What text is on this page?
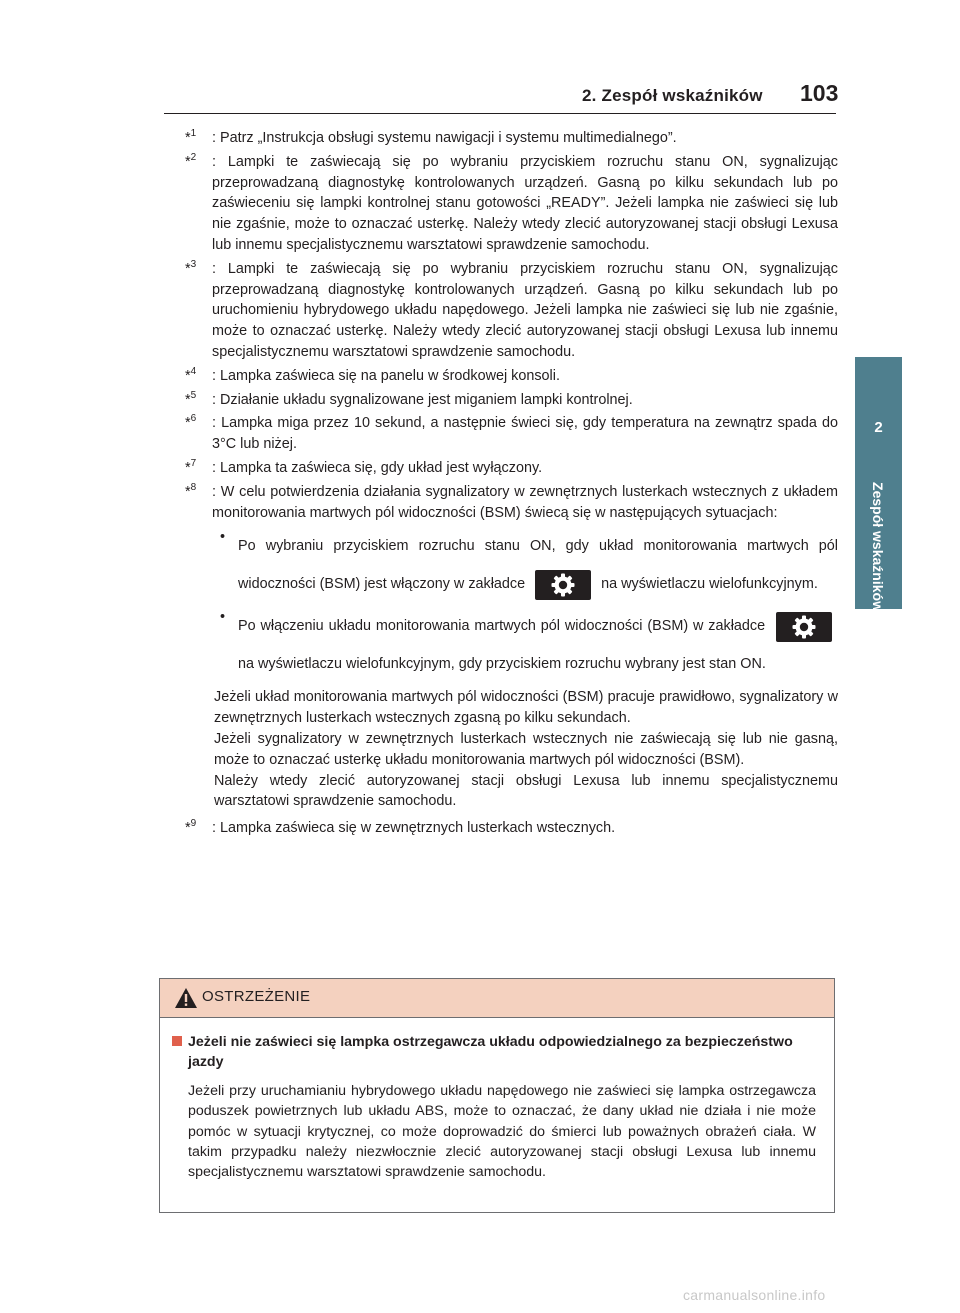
2. Zespół wskaźników 103
2
Zespół wskaźników
*$^1$	: Patrz „Instrukcja obsługi systemu nawigacji i systemu multimedialnego”.
*$^2$	: Lampki te zaświecają się po wybraniu przyciskiem rozruchu stanu ON, sygnalizując przeprowadzaną diagnostykę kontrolowanych urządzeń. Gasną po kilku sekundach lub po zaświeceniu się lampki kontrolnej stanu gotowości „READY”. Jeżeli lampka nie zaświeci się lub nie zgaśnie, może to oznaczać usterkę. Należy wtedy zlecić autoryzowanej stacji obsługi Lexusa lub innemu specjalistycznemu warsztatowi sprawdzenie samochodu.
*$^3$	: Lampki te zaświecają się po wybraniu przyciskiem rozruchu stanu ON, sygnalizując przeprowadzaną diagnostykę kontrolowanych urządzeń. Gasną po kilku sekundach lub po uruchomieniu hybrydowego układu napędowego. Jeżeli lampka nie zaświeci się lub nie zgaśnie, może to oznaczać usterkę. Należy wtedy zlecić autoryzowanej stacji obsługi Lexusa lub innemu specjalistycznemu warsztatowi sprawdzenie samochodu.
*$^4$	: Lampka zaświeca się na panelu w środkowej konsoli.
*$^5$	: Działanie układu sygnalizowane jest miganiem lampki kontrolnej.
*$^6$	: Lampka miga przez 10 sekund, a następnie świeci się, gdy temperatura na zewnątrz spada do 3°C lub niżej.
*$^7$	: Lampka ta zaświeca się, gdy układ jest wyłączony.
*$^8$	: W celu potwierdzenia działania sygnalizatory w zewnętrznych lusterkach wstecznych z układem monitorowania martwych pól widoczności (BSM) świecą się w następujących sytuacjach:
•
Po wybraniu przyciskiem rozruchu stanu ON, gdy układ monitorowania martwych pól widoczności (BSM) jest włączony w zakładce	na wyświetlaczu wielofunkcyjnym.
•
Po włączeniu układu monitorowania martwych pól widoczności (BSM) w zakładce
na wyświetlaczu wielofunkcyjnym, gdy przyciskiem rozruchu wybrany jest stan ON.
Jeżeli układ monitorowania martwych pól widoczności (BSM) pracuje prawidłowo, sygnalizatory w zewnętrznych lusterkach wstecznych zgasną po kilku sekundach.
Jeżeli sygnalizatory w zewnętrznych lusterkach wstecznych nie zaświecają się lub nie gasną, może to oznaczać usterkę układu monitorowania martwych pól widoczności (BSM).
Należy wtedy zlecić autoryzowanej stacji obsługi Lexusa lub innemu specjalistycznemu warsztatowi sprawdzenie samochodu.
*$^9$	: Lampka zaświeca się w zewnętrznych lusterkach wstecznych.
OSTRZEŻENIE
Jeżeli nie zaświeci się lampka ostrzegawcza układu odpowiedzialnego za bezpieczeństwo jazdy
Jeżeli przy uruchamianiu hybrydowego układu napędowego nie zaświeci się lampka ostrzegawcza poduszek powietrznych lub układu ABS, może to oznaczać, że dany układ nie działa i nie może pomóc w sytuacji krytycznej, co może doprowadzić do śmierci lub poważnych obrażeń ciała. W takim przypadku należy niezwłocznie zlecić autoryzowanej stacji obsługi Lexusa lub innemu specjalistycznemu warsztatowi sprawdzenie samochodu.
carmanualsonline.info
